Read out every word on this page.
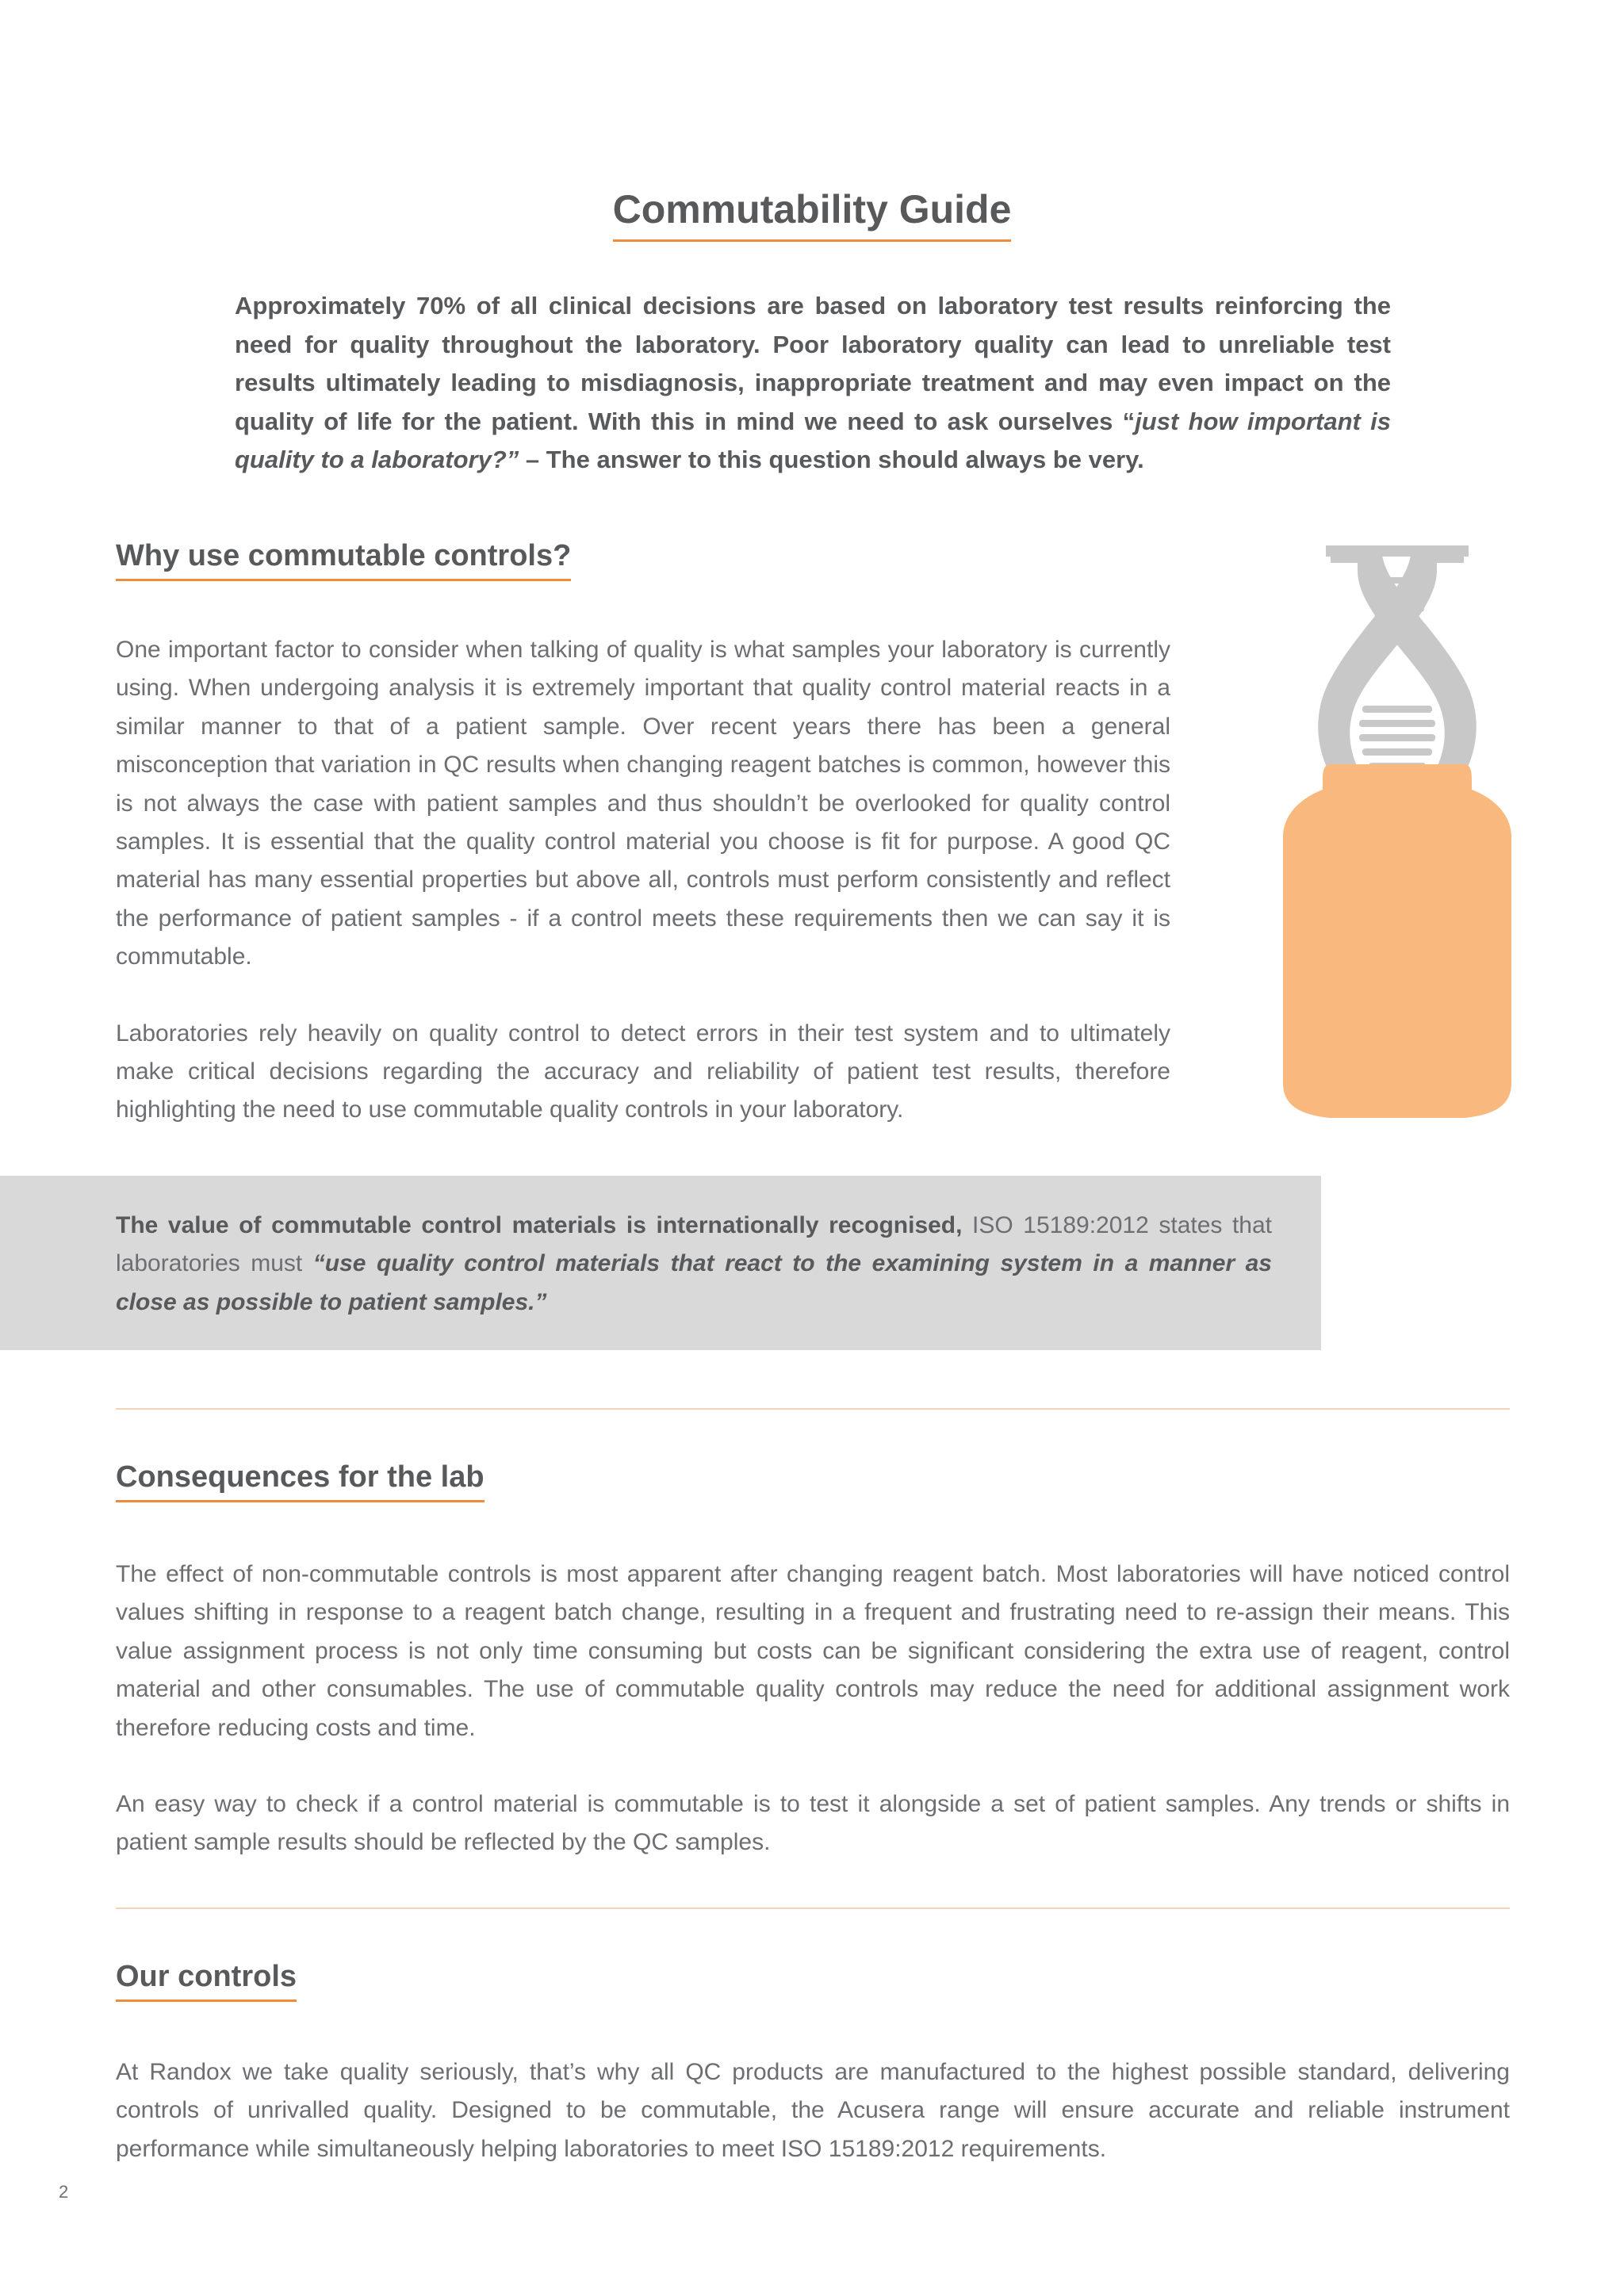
Commutability Guide
Approximately 70% of all clinical decisions are based on laboratory test results reinforcing the need for quality throughout the laboratory. Poor laboratory quality can lead to unreliable test results ultimately leading to misdiagnosis, inappropriate treatment and may even impact on the quality of life for the patient. With this in mind we need to ask ourselves “just how important is quality to a laboratory?” – The answer to this question should always be very.
Why use commutable controls?

One important factor to consider when talking of quality is what samples your laboratory is currently using. When undergoing analysis it is extremely important that quality control material reacts in a similar manner to that of a patient sample. Over recent years there has been a general misconception that variation in QC results when changing reagent batches is common, however this is not always the case with patient samples and thus shouldn’t be overlooked for quality control samples. It is essential that the quality control material you choose is fit for purpose. A good QC material has many essential properties but above all, controls must perform consistently and reflect the performance of patient samples - if a control meets these requirements then we can say it is commutable.

Laboratories rely heavily on quality control to detect errors in their test system and to ultimately make critical decisions regarding the accuracy and reliability of patient test results, therefore highlighting the need to use commutable quality controls in your laboratory.

The value of commutable control materials is internationally recognised, ISO 15189:2012 states that laboratories must “use quality control materials that react to the examining system in a manner as close as possible to patient samples.”
Consequences for the lab

The effect of non-commutable controls is most apparent after changing reagent batch. Most laboratories will have noticed control values shifting in response to a reagent batch change, resulting in a frequent and frustrating need to re-assign their means. This value assignment process is not only time consuming but costs can be significant considering the extra use of reagent, control material and other consumables. The use of commutable quality controls may reduce the need for additional assignment work therefore reducing costs and time.

An easy way to check if a control material is commutable is to test it alongside a set of patient samples. Any trends or shifts in patient sample results should be reflected by the QC samples.

Our controls

At Randox we take quality seriously, that’s why all QC products are manufactured to the highest possible standard, delivering controls of unrivalled quality. Designed to be commutable, the Acusera range will ensure accurate and reliable instrument performance while simultaneously helping laboratories to meet ISO 15189:2012 requirements.

2
